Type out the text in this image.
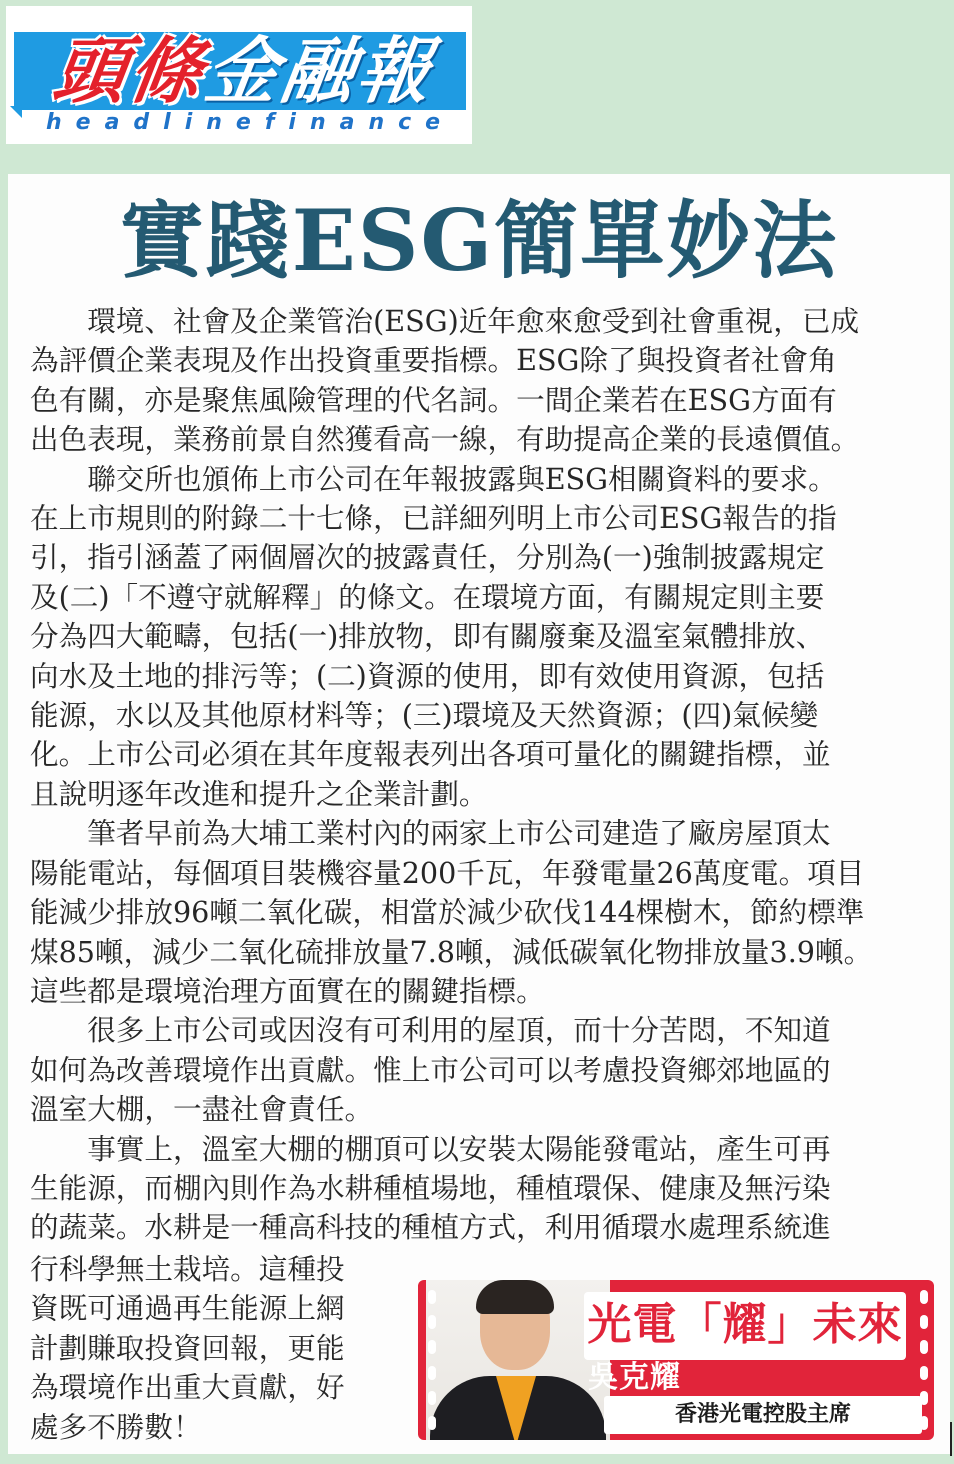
頭條金融報
headlinefinance
實踐ESG簡單妙法

環境、社會及企業管治(ESG)近年愈來愈受到社會重視，已成
為評價企業表現及作出投資重要指標。ESG除了與投資者社會角
色有關，亦是聚焦風險管理的代名詞。一間企業若在ESG方面有
出色表現，業務前景自然獲看高一線，有助提高企業的長遠價值。

聯交所也頒佈上市公司在年報披露與ESG相關資料的要求。
在上市規則的附錄二十七條，已詳細列明上市公司ESG報告的指
引，指引涵蓋了兩個層次的披露責任，分別為(一)強制披露規定
及(二)「不遵守就解釋」的條文。在環境方面，有關規定則主要
分為四大範疇，包括(一)排放物，即有關廢棄及溫室氣體排放、
向水及土地的排污等；(二)資源的使用，即有效使用資源，包括
能源，水以及其他原材料等；(三)環境及天然資源；(四)氣候變
化。上市公司必須在其年度報表列出各項可量化的關鍵指標，並
且說明逐年改進和提升之企業計劃。

筆者早前為大埔工業村內的兩家上市公司建造了廠房屋頂太
陽能電站，每個項目裝機容量200千瓦，年發電量26萬度電。項目
能減少排放96噸二氧化碳，相當於減少砍伐144棵樹木，節約標準
煤85噸，減少二氧化硫排放量7.8噸，減低碳氧化物排放量3.9噸。
這些都是環境治理方面實在的關鍵指標。

很多上市公司或因沒有可利用的屋頂，而十分苦悶，不知道
如何為改善環境作出貢獻。惟上市公司可以考慮投資鄉郊地區的
溫室大棚，一盡社會責任。

事實上，溫室大棚的棚頂可以安裝太陽能發電站，產生可再
生能源，而棚內則作為水耕種植場地，種植環保、健康及無污染
的蔬菜。水耕是一種高科技的種植方式，利用循環水處理系統進

行科學無土栽培。這種投
資既可通過再生能源上網
計劃賺取投資回報，更能
為環境作出重大貢獻，好
處多不勝數！
光電「耀」未來
吳克耀
香港光電控股主席
